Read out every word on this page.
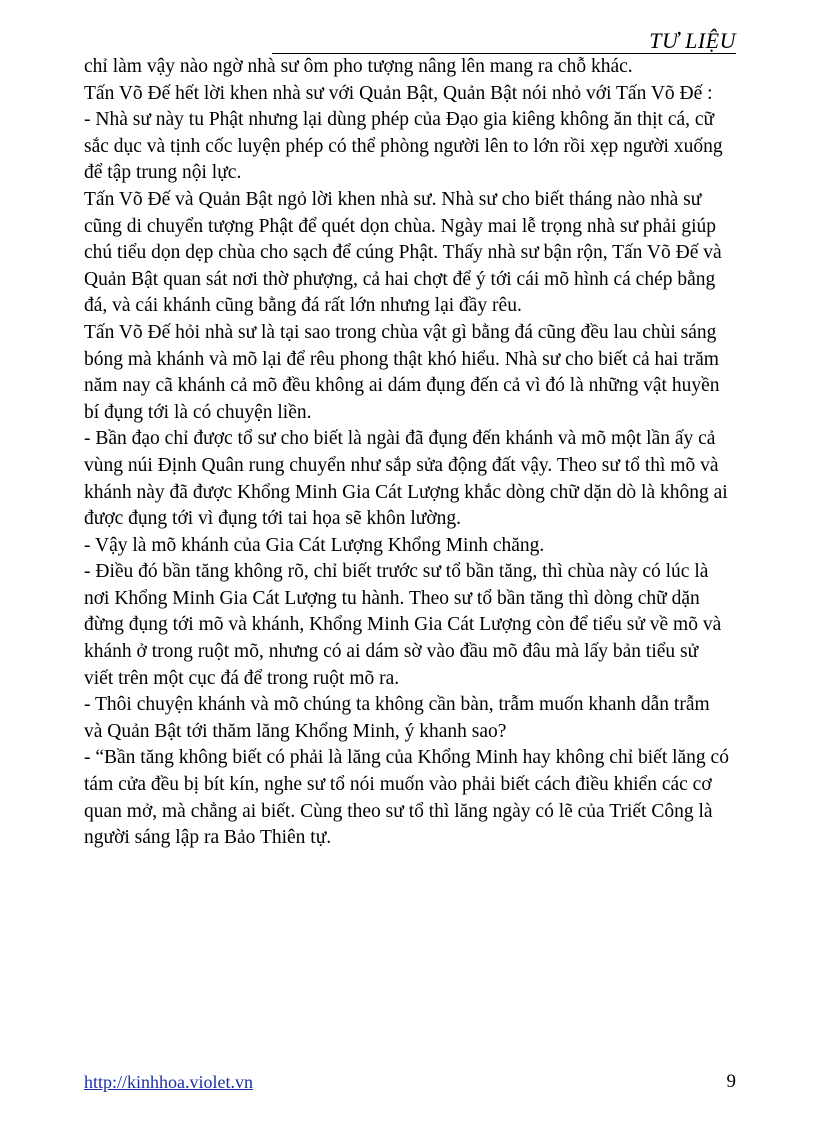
TƯ LIỆU

chỉ làm vậy nào ngờ nhà sư ôm pho tượng nâng lên mang ra chỗ khác.

Tấn Võ Đế hết lời khen nhà sư với Quản Bật, Quản Bật nói nhỏ với Tấn Võ Đế :

- Nhà sư này tu Phật nhưng lại dùng phép của Đạo gia kiêng không ăn thịt cá, cữ sắc dục và tịnh cốc luyện phép có thể phòng người lên to lớn rồi xẹp người xuống để tập trung nội lực.

Tấn Võ Đế và Quản Bật ngỏ lời khen nhà sư. Nhà sư cho biết tháng nào nhà sư cũng di chuyển tượng Phật để quét dọn chùa. Ngày mai lễ trọng nhà sư phải giúp chú tiểu dọn dẹp chùa cho sạch để cúng Phật. Thấy nhà sư bận rộn, Tấn Võ Đế và Quản Bật quan sát nơi thờ phượng, cả hai chợt để ý tới cái mõ hình cá chép bằng đá, và cái khánh cũng bằng đá rất lớn nhưng lại đầy rêu.

Tấn Võ Đế hỏi nhà sư là tại sao trong chùa vật gì bằng đá cũng đều lau chùi sáng bóng mà khánh và mõ lại để rêu phong thật khó hiểu. Nhà sư cho biết cả hai trăm năm nay cã khánh cả mõ đều không ai dám đụng đến cả vì đó là những vật huyền bí đụng tới là có chuyện liền.

- Bần đạo chỉ được tổ sư cho biết là ngài đã đụng đến khánh và mõ một lần ấy cả vùng núi Định Quân rung chuyển như sắp sửa động đất vậy. Theo sư tổ thì mõ và khánh này đã được Khổng Minh Gia Cát Lượng khắc dòng chữ dặn dò là không ai được đụng tới vì đụng tới tai họa sẽ khôn lường.

- Vậy là mõ khánh của Gia Cát Lượng Khổng Minh chăng.

- Điều đó bần tăng không rõ, chỉ biết trước sư tổ bần tăng, thì chùa này có lúc là nơi Khổng Minh Gia Cát Lượng tu hành. Theo sư tổ bần tăng thì dòng chữ dặn đừng đụng tới mõ và khánh, Khổng Minh Gia Cát Lượng còn để tiểu sử về mõ và khánh ở trong ruột mõ, nhưng có ai dám sờ vào đầu mõ đâu mà lấy bản tiểu sử viết trên một cục đá để trong ruột mõ ra.

- Thôi chuyện khánh và mõ chúng ta không cần bàn, trẫm muốn khanh dẫn trẫm và Quản Bật tới thăm lăng Khổng Minh, ý khanh sao?

- “Bần tăng không biết có phải là lăng của Khổng Minh hay không chỉ biết lăng có tám cửa đều bị bít kín, nghe sư tổ nói muốn vào phải biết cách điều khiển các cơ quan mở, mà chẳng ai biết. Cùng theo sư tổ thì lăng ngày có lẽ của Triết Công là người sáng lập ra Bảo Thiên tự.

http://kinhhoa.violet.vn	9
